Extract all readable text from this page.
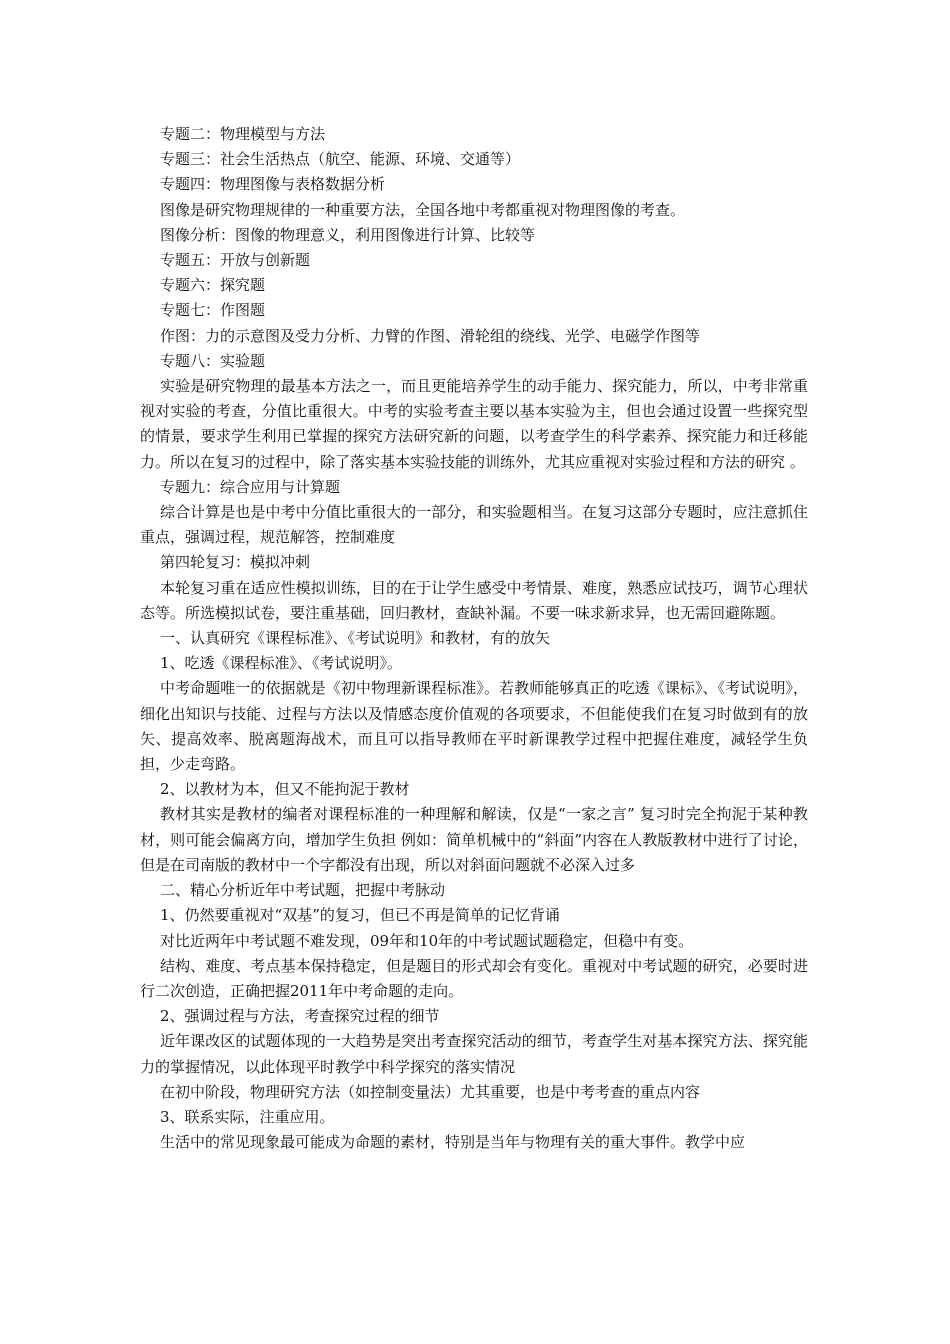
专题二：物理模型与方法

专题三：社会生活热点（航空、能源、环境、交通等）

专题四：物理图像与表格数据分析

图像是研究物理规律的一种重要方法，全国各地中考都重视对物理图像的考查。

图像分析：图像的物理意义，利用图像进行计算、比较等

专题五：开放与创新题

专题六：探究题

专题七：作图题

作图：力的示意图及受力分析、力臂的作图、滑轮组的绕线、光学、电磁学作图等

专题八：实验题

实验是研究物理的最基本方法之一，而且更能培养学生的动手能力、探究能力，所以，中考非常重视对实验的考查，分值比重很大。中考的实验考查主要以基本实验为主，但也会通过设置一些探究型的情景，要求学生利用已掌握的探究方法研究新的问题，以考查学生的科学素养、探究能力和迁移能力。所以在复习的过程中，除了落实基本实验技能的训练外，尤其应重视对实验过程和方法的研究 。

专题九：综合应用与计算题

综合计算是也是中考中分值比重很大的一部分，和实验题相当。在复习这部分专题时，应注意抓住重点，强调过程，规范解答，控制难度

第四轮复习：模拟冲刺

本轮复习重在适应性模拟训练，目的在于让学生感受中考情景、难度，熟悉应试技巧，调节心理状态等。所选模拟试卷，要注重基础，回归教材，查缺补漏。不要一味求新求异，也无需回避陈题。

一、认真研究《课程标准》、《考试说明》和教材，有的放矢

1、吃透《课程标准》、《考试说明》。

中考命题唯一的依据就是《初中物理新课程标准》。若教师能够真正的吃透《课标》、《考试说明》，细化出知识与技能、过程与方法以及情感态度价值观的各项要求，不但能使我们在复习时做到有的放矢、提高效率、脱离题海战术，而且可以指导教师在平时新课教学过程中把握住难度，减轻学生负担，少走弯路。

2、以教材为本，但又不能拘泥于教材

教材其实是教材的编者对课程标准的一种理解和解读，仅是“一家之言” 复习时完全拘泥于某种教材，则可能会偏离方向，增加学生负担 例如：简单机械中的“斜面”内容在人教版教材中进行了讨论，但是在司南版的教材中一个字都没有出现，所以对斜面问题就不必深入过多

二、精心分析近年中考试题，把握中考脉动

1、仍然要重视对“双基”的复习，但已不再是简单的记忆背诵

对比近两年中考试题不难发现，09年和10年的中考试题试题稳定，但稳中有变。

结构、难度、考点基本保持稳定，但是题目的形式却会有变化。重视对中考试题的研究，必要时进行二次创造，正确把握2011年中考命题的走向。

2、强调过程与方法，考查探究过程的细节

近年课改区的试题体现的一大趋势是突出考查探究活动的细节，考查学生对基本探究方法、探究能力的掌握情况，以此体现平时教学中科学探究的落实情况

在初中阶段，物理研究方法（如控制变量法）尤其重要，也是中考考查的重点内容

3、联系实际，注重应用。

生活中的常见现象最可能成为命题的素材，特别是当年与物理有关的重大事件。教学中应
